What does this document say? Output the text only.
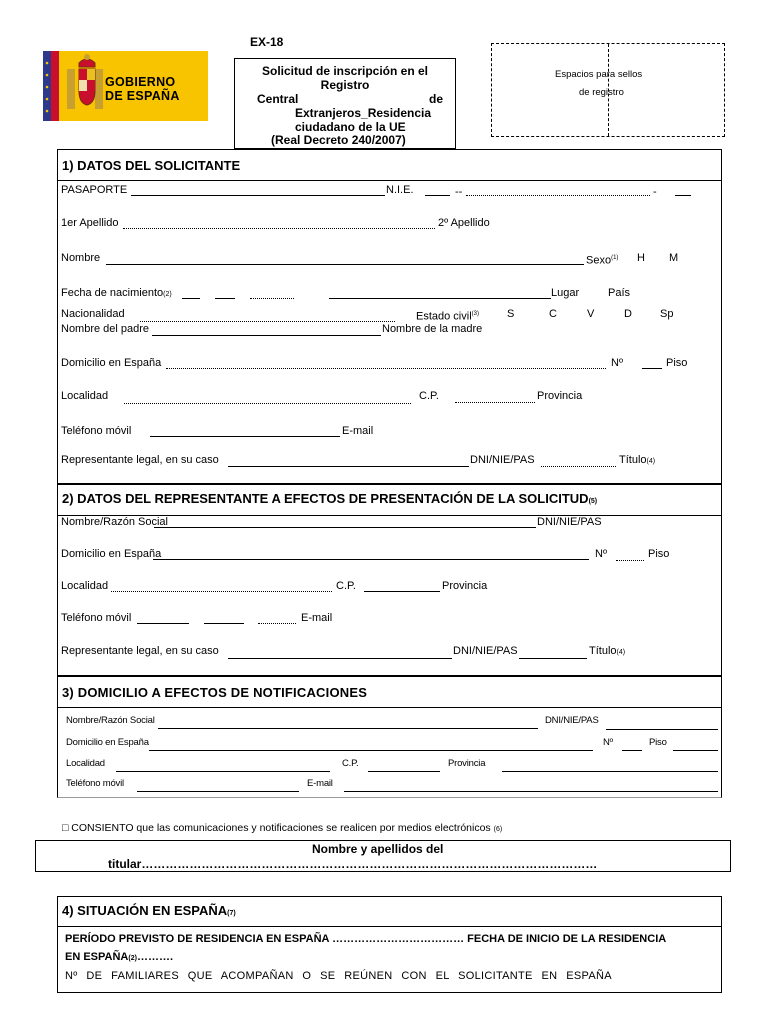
GOBIERNO
DE ESPAÑA
EX-18
Solicitud de inscripción en el Registro
Central	de
Extranjeros_Residencia
ciudadano de la UE
(Real Decreto 240/2007)
Espacios para sellos
de registro
1) DATOS DEL SOLICITANTE
PASAPORTE	N.I.E.	--	-
1er Apellido	2º Apellido
Nombre	Sexo$^{(1)}$ H M
Fecha de nacimiento(2)	Lugar	País
Nacionalidad	Estado civil$^{(3)}$	S	C	V	D	Sp
Nombre del padre	Nombre de la madre
Domicilio en España	Nº	Piso
Localidad	C.P.	Provincia
Teléfono móvil	E-mail
Representante legal, en su caso	DNI/NIE/PAS	Título(4)
2) DATOS DEL REPRESENTANTE A EFECTOS DE PRESENTACIÓN DE LA SOLICITUD(5)
Nombre/Razón Social	DNI/NIE/PAS
Domicilio en España	Nº	Piso
Localidad	C.P.	Provincia
Teléfono móvil	E-mail
Representante legal, en su caso	DNI/NIE/PAS	Título(4)
3) DOMICILIO A EFECTOS DE NOTIFICACIONES
Nombre/Razón Social	DNI/NIE/PAS
Domicilio en España	Nº	Piso
Localidad	C.P.	Provincia
Teléfono móvil	E-mail
□ CONSIENTO que las comunicaciones y notificaciones se realicen por medios electrónicos (6)
Nombre y apellidos del
titular……………………………………………………………………………………………………
4) SITUACIÓN EN ESPAÑA(7)
PERÍODO PREVISTO DE RESIDENCIA EN ESPAÑA ……………………………… FECHA DE INICIO DE LA RESIDENCIA
EN ESPAÑA(2)……….
Nº DE FAMILIARES QUE ACOMPAÑAN O SE REÚNEN CON EL SOLICITANTE EN ESPAÑA
